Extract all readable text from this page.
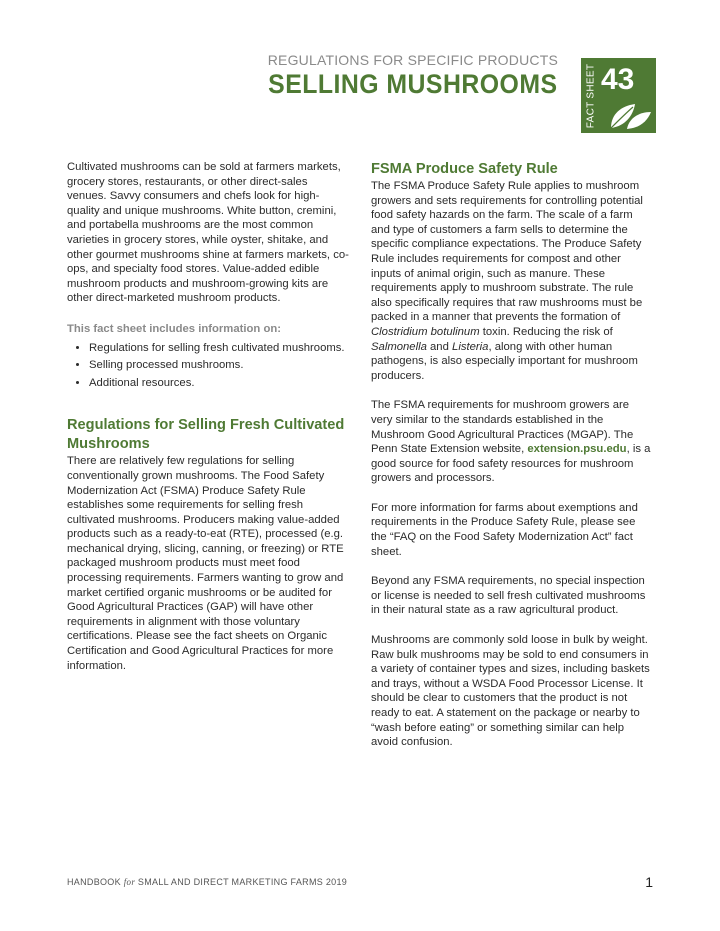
REGULATIONS FOR SPECIFIC PRODUCTS
SELLING MUSHROOMS	FACT SHEET 43

Cultivated mushrooms can be sold at farmers markets, grocery stores, restaurants, or other direct-sales venues. Savvy consumers and chefs look for high-quality and unique mushrooms. White button, cremini, and portabella mushrooms are the most common varieties in grocery stores, while oyster, shitake, and other gourmet mushrooms shine at farmers markets, co-ops, and specialty food stores. Value-added edible mushroom products and mushroom-growing kits are other direct-marketed mushroom products.

This fact sheet includes information on:
• Regulations for selling fresh cultivated mushrooms.
• Selling processed mushrooms.
• Additional resources.
Regulations for Selling Fresh Cultivated Mushrooms

There are relatively few regulations for selling conventionally grown mushrooms. The Food Safety Modernization Act (FSMA) Produce Safety Rule establishes some requirements for selling fresh cultivated mushrooms. Producers making value-added products such as a ready-to-eat (RTE), processed (e.g. mechanical drying, slicing, canning, or freezing) or RTE packaged mushroom products must meet food processing requirements. Farmers wanting to grow and market certified organic mushrooms or be audited for Good Agricultural Practices (GAP) will have other requirements in alignment with those voluntary certifications. Please see the fact sheets on Organic Certification and Good Agricultural Practices for more information.

FSMA Produce Safety Rule

The FSMA Produce Safety Rule applies to mushroom growers and sets requirements for controlling potential food safety hazards on the farm. The scale of a farm and type of customers a farm sells to determine the specific compliance expectations. The Produce Safety Rule includes requirements for compost and other inputs of animal origin, such as manure. These requirements apply to mushroom substrate. The rule also specifically requires that raw mushrooms must be packed in a manner that prevents the formation of Clostridium botulinum toxin. Reducing the risk of Salmonella and Listeria, along with other human pathogens, is also especially important for mushroom producers.

The FSMA requirements for mushroom growers are very similar to the standards established in the Mushroom Good Agricultural Practices (MGAP). The Penn State Extension website, extension.psu.edu, is a good source for food safety resources for mushroom growers and processors.

For more information for farms about exemptions and requirements in the Produce Safety Rule, please see the “FAQ on the Food Safety Modernization Act” fact sheet.

Beyond any FSMA requirements, no special inspection or license is needed to sell fresh cultivated mushrooms in their natural state as a raw agricultural product.

Mushrooms are commonly sold loose in bulk by weight. Raw bulk mushrooms may be sold to end consumers in a variety of container types and sizes, including baskets and trays, without a WSDA Food Processor License. It should be clear to customers that the product is not ready to eat. A statement on the package or nearby to “wash before eating” or something similar can help avoid confusion.

HANDBOOK for SMALL AND DIRECT MARKETING FARMS 2019	1
